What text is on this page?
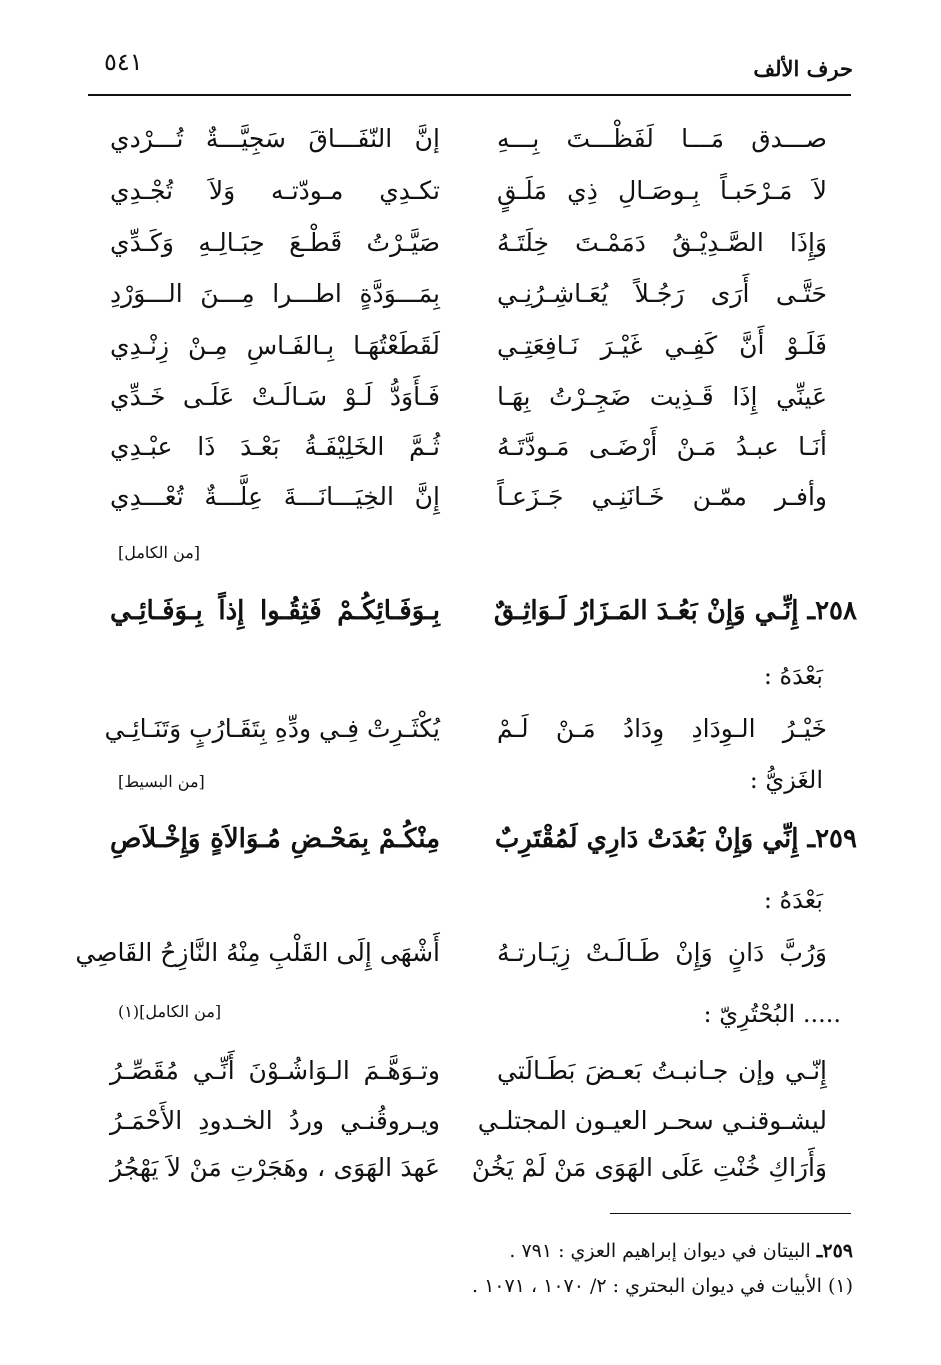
حرف الألف
٥٤١
صـــدق مَـــا لَفَظْـــتَ بِـــهِ
إنَّ النّفَـــاقَ سَجِيَّـــةٌ تُـــرْدي
لاَ مَـرْحَبـاً بِـوصَـالِ ذِي مَلَـقٍ
تكـدِي مـودّتـه وَلاَ تُجْـدِي
وَإِذَا الصَّـدِيْـقُ دَمَمْـتَ خِلَتَـهُ
صَيَّـرْتُ قَطْـعَ حِبَـالِـهِ وَكَـدِّي
حَتَّـى أَرَى رَجُـلاً يُعَـاشِـرُنِـي
بِمَـــوَدَّةٍ اطـــرا مِـــنَ الـــوَرْدِ
فَلَـوْ أَنَّ كَفِـي غَيْـرَ نَـافِعَتِـي
لَقَطَعْتُهَـا بِـالفَـاسِ مِـنْ زِنْـدِي
عَينِّي إِذَا قَـذِيت ضَجِـرْتُ بِهَـا
فَـأَوَدُّ لَـوْ سَـالَـتْ عَلَـى خَـدِّي
أنَـا عبـدُ مَـنْ أَرْضَـى مَـودَّتَـهُ
ثُـمَّ الخَلِيْفَـةُ بَعْـدَ ذَا عبْـدِي
وأفـر ممّـن خَـانَنِـي جَـزَعـاً
إِنَّ الخِيَـــانَـــةَ عِلَّـــةٌ تُعْـــدِي
[من الكامل]
٢٥٨ـ إِنِّـي وَإِنْ بَعُـدَ المَـزَارُ لَـوَاثِـقٌ
بِـوَفَـائِكُـمْ فَثِقُـوا إِذاً بِـوَفَـائِـي
بَعْدَهُ :
خَيْـرُ الـوِدَادِ وِدَادُ مَـنْ لَـمْ
يُكْثَـرِتْ فِـي ودِّهِ بِتَقَـارُبٍ وَتَنَـائِـي
الغَزيُّ :
[من البسيط]
٢٥٩ـ إِنِّي وَإِنْ بَعُدَتْ دَارِي لَمُقْتَرِبٌ
مِنْكُـمْ بِمَحْـضِ مُـوَالاَةٍ وَإِخْـلاَصِ
بَعْدَهُ :
وَرُبَّ دَانٍ وَإِنْ طَـالَـتْ زِيَـارتـهُ
أَشْهَى إِلَى القَلْبِ مِنْهُ النَّازِحُ القَاصِي
..... البُحْتُرِيّ :
[من الكامل](١)
إِنّـي وإن جـانبـتُ بَعـضَ بَطَـالَتي
وتـوَهَّـمَ الـوَاشُـوْنَ أَنِّـي مُقَصِّـرُ
ليشـوقنـي سحـر العيـون المجتلـي
ويـروقُنـي وردُ الخـدودِ الأَحْمَـرُ
وَأَرَاكِ خُنْتِ عَلَى الهَوَى مَنْ لَمْ يَخُنْ
عَهدَ الهَوَى ، وهَجَرْتِ مَنْ لاَ يَهْجُرُ
٢٥٩ـ البيتان في ديوان إبراهيم العزي : ٧٩١ .
(١) الأبيات في ديوان البحتري : ٢/ ١٠٧٠ ، ١٠٧١ .
